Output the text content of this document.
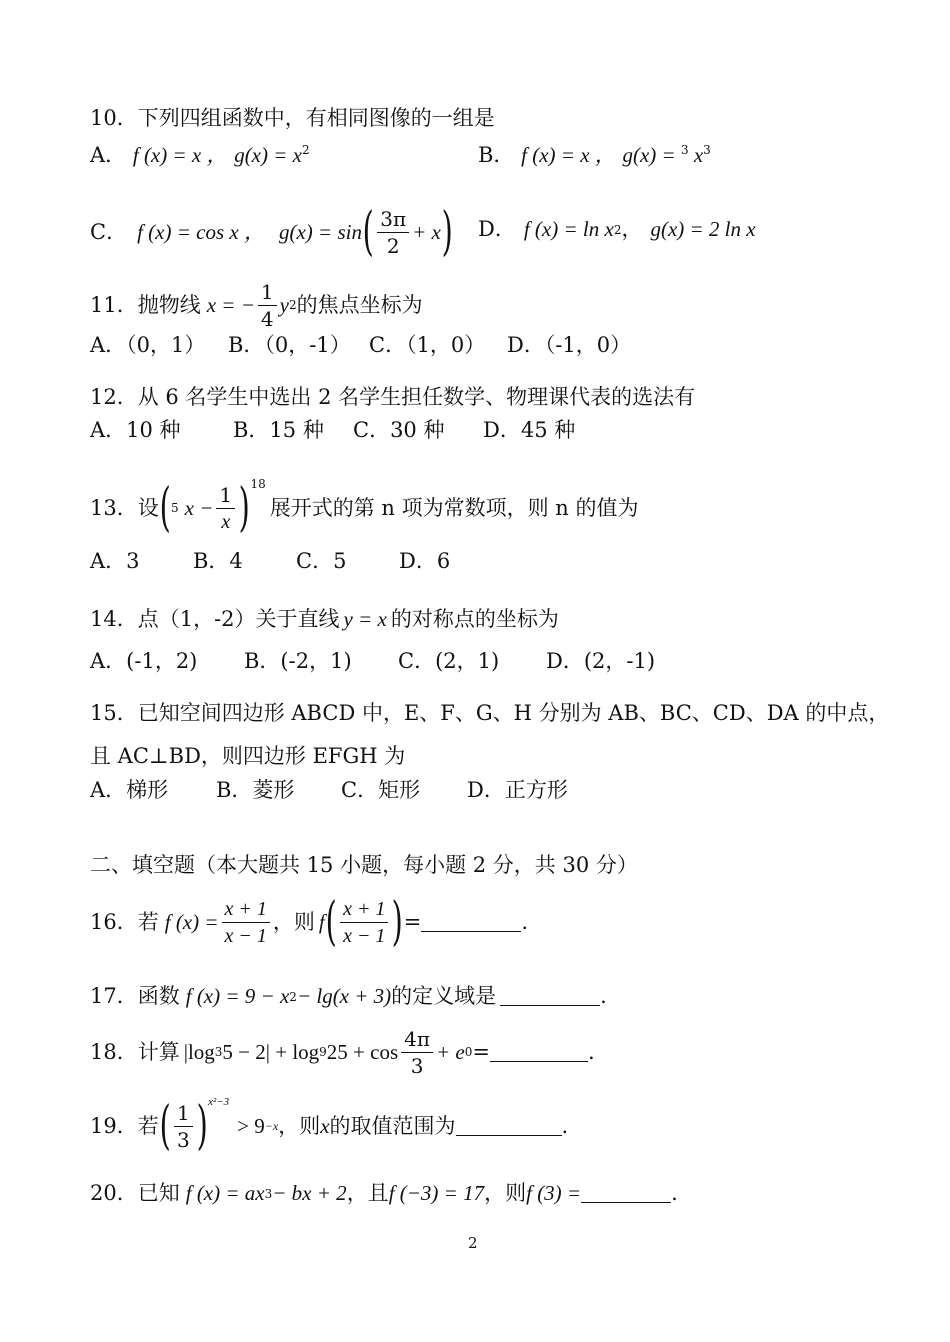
10．下列四组函数中，有相同图像的一组是
A． f (x) = x ， $g(x) = x^2$	B． f (x) = x ， g(x) = $^3$ $x^3$
C． f (x) = cos x ， g(x) = sin ( $\frac{3\pi}{2} + x$ ) D． f (x) = ln x 2 ， g(x) = 2 ln x
11．抛物线 x = − $\frac{1}{4}$ y 2 的焦点坐标为
A．（0，1） B．（0，-1） C．（1，0） D．（-1，0）
12．从 6 名学生中选出 2 名学生担任数学、物理课代表的选法有
A．10 种 B．15 种 C．30 种 D．45 种
13．设 ( 5 $x - \frac{1}{x} )^{18}$
展开式的第 n 项为常数项，则 n 的值为
A．3	B．4	C．5	D．6
14．点（1，-2）关于直线 y = x 的对称点的坐标为
A．(-1，2) B．(-2，1) C．(2，1) D．(2，-1)
15．已知空间四边形 ABCD 中，E、F、G、H 分别为 AB、BC、CD、DA 的中点，
且 AC⊥BD，则四边形 EFGH 为
A．梯形 B．菱形 C．矩形 D．正方形
二、填空题（本大题共 15 小题，每小题 2 分，共 30 分）
16．若 f $(x) = \frac{x + 1}{x - 1}$ ，则 f ( $\frac{x + 1}{x - 1}$ ) =	.
17．函数 f (x) = 9 − x 2 − lg(x + 3) 的定义域是	.
18．计算 |log 3 5 − 2| + log 9 $25 + \cos \frac{4\pi}{3} + e$ 0 =	.
19．若 ( $\frac{1}{3} )^{x^2-3}$
> 9 −x ，则 x 的取值范围为	.
20．已知 f (x) = ax 3 − bx + 2 ，且 f (−3) = 17 ，则 f (3) =	.
2
